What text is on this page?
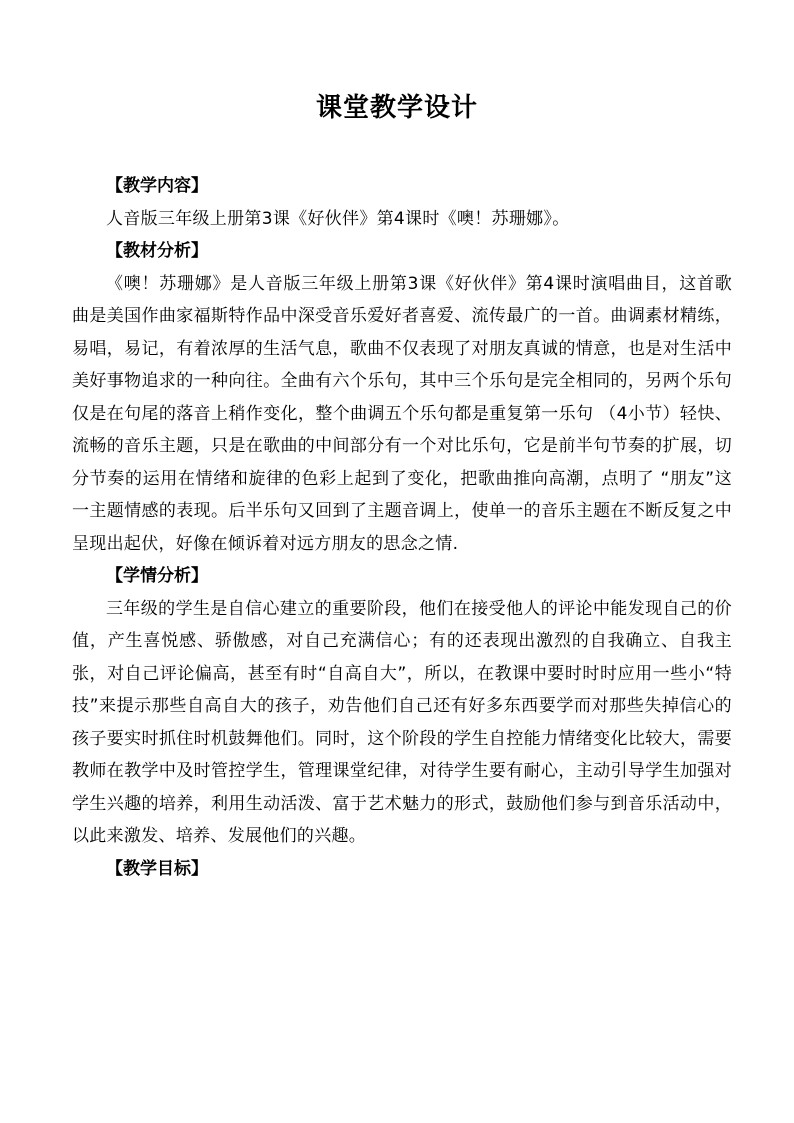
课堂教学设计

【教学内容】

人音版三年级上册第3课《好伙伴》第4课时《噢！苏珊娜》。

【教材分析】

《噢！苏珊娜》是人音版三年级上册第3课《好伙伴》第4课时演唱曲目，这首歌曲是美国作曲家福斯特作品中深受音乐爱好者喜爱、流传最广的一首。曲调素材精练，易唱，易记，有着浓厚的生活气息，歌曲不仅表现了对朋友真诚的情意，也是对生活中美好事物追求的一种向往。全曲有六个乐句，其中三个乐句是完全相同的，另两个乐句仅是在句尾的落音上稍作变化，整个曲调五个乐句都是重复第一乐句 （4小节）轻快、流畅的音乐主题，只是在歌曲的中间部分有一个对比乐句，它是前半句节奏的扩展，切分节奏的运用在情绪和旋律的色彩上起到了变化，把歌曲推向高潮，点明了 “朋友”这一主题情感的表现。后半乐句又回到了主题音调上，使单一的音乐主题在不断反复之中呈现出起伏，好像在倾诉着对远方朋友的思念之情.

【学情分析】

三年级的学生是自信心建立的重要阶段，他们在接受他人的评论中能发现自己的价值，产生喜悦感、骄傲感，对自己充满信心；有的还表现出激烈的自我确立、自我主张，对自己评论偏高，甚至有时“自高自大”，所以，在教课中要时时时应用一些小“特技”来提示那些自高自大的孩子，劝告他们自己还有好多东西要学而对那些失掉信心的孩子要实时抓住时机鼓舞他们。同时，这个阶段的学生自控能力情绪变化比较大，需要教师在教学中及时管控学生，管理课堂纪律，对待学生要有耐心，主动引导学生加强对学生兴趣的培养，利用生动活泼、富于艺术魅力的形式，鼓励他们参与到音乐活动中，以此来激发、培养、发展他们的兴趣。

【教学目标】
